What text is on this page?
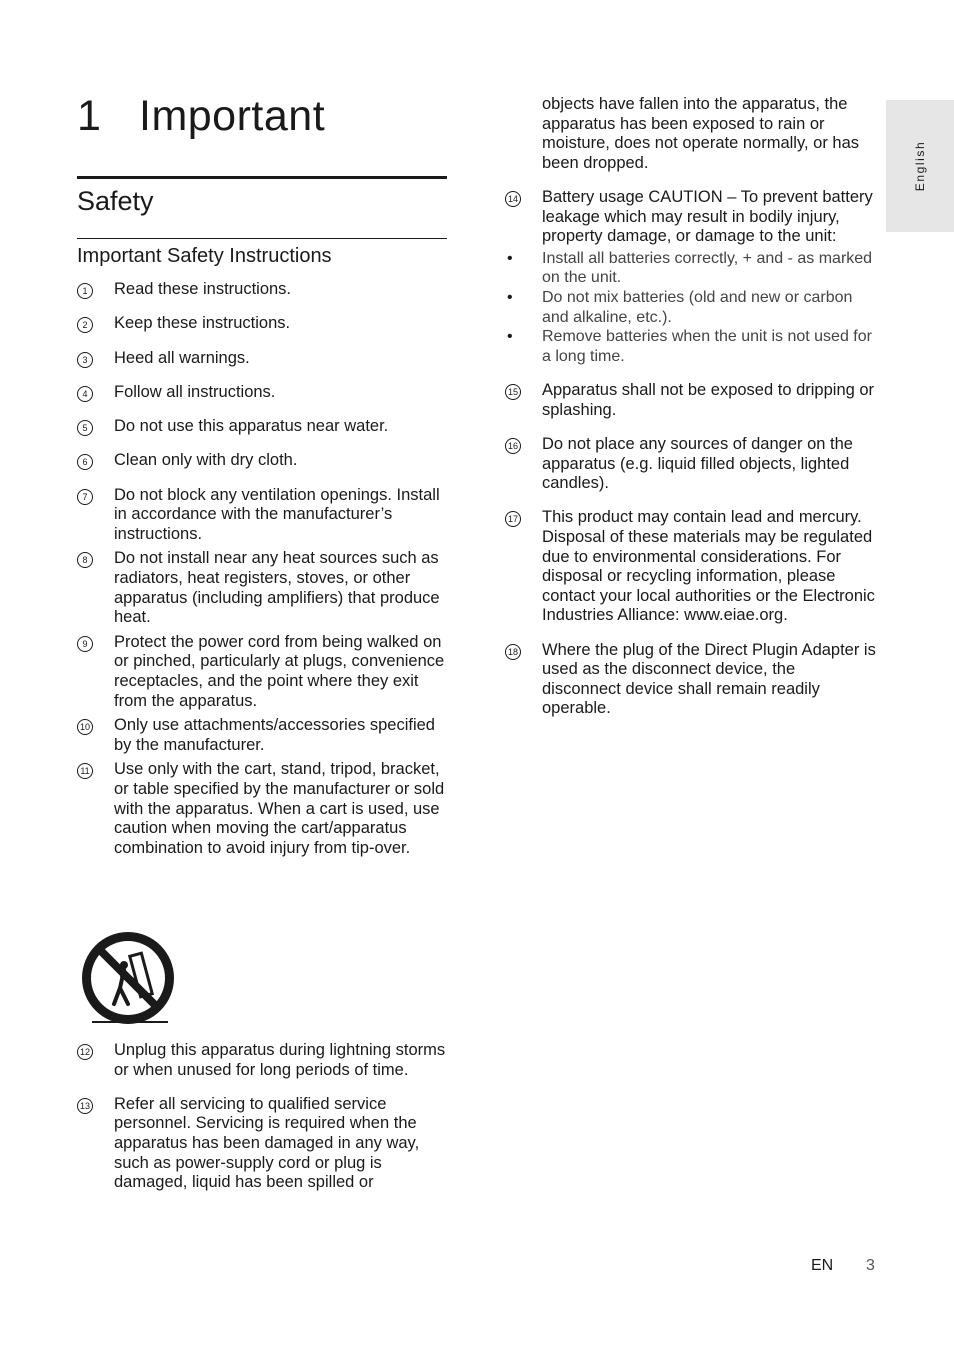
1 Important
Safety
Important Safety Instructions
1	Read these instructions.
2	Keep these instructions.
3	Heed all warnings.
4	Follow all instructions.
5	Do not use this apparatus near water.
6	Clean only with dry cloth.
7	Do not block any ventilation openings. Install in accordance with the manufacturer’s instructions.
8	Do not install near any heat sources such as radiators, heat registers, stoves, or other apparatus (including amplifiers) that produce heat.
9	Protect the power cord from being walked on or pinched, particularly at plugs, convenience receptacles, and the point where they exit from the apparatus.
10 Only use attachments/accessories specified by the manufacturer.
11 Use only with the cart, stand, tripod, bracket, or table specified by the manufacturer or sold with the apparatus. When a cart is used, use caution when moving the cart/apparatus combination to avoid injury from tip-over.
12 Unplug this apparatus during lightning storms or when unused for long periods of time.
13 Refer all servicing to qualified service personnel. Servicing is required when the apparatus has been damaged in any way, such as power-supply cord or plug is damaged, liquid has been spilled or
objects have fallen into the apparatus, the apparatus has been exposed to rain or moisture, does not operate normally, or has been dropped.
14 Battery usage CAUTION – To prevent battery leakage which may result in bodily injury, property damage, or damage to the unit:
• Install all batteries correctly, + and - as marked on the unit.
• Do not mix batteries (old and new or carbon and alkaline, etc.).
• Remove batteries when the unit is not used for a long time.
15 Apparatus shall not be exposed to dripping or splashing.
16 Do not place any sources of danger on the apparatus (e.g. liquid filled objects, lighted candles).
17 This product may contain lead and mercury. Disposal of these materials may be regulated due to environmental considerations. For disposal or recycling information, please contact your local authorities or the Electronic Industries Alliance: www.eiae.org.
18 Where the plug of the Direct Plugin Adapter is used as the disconnect device, the disconnect device shall remain readily operable.
English
EN 3
